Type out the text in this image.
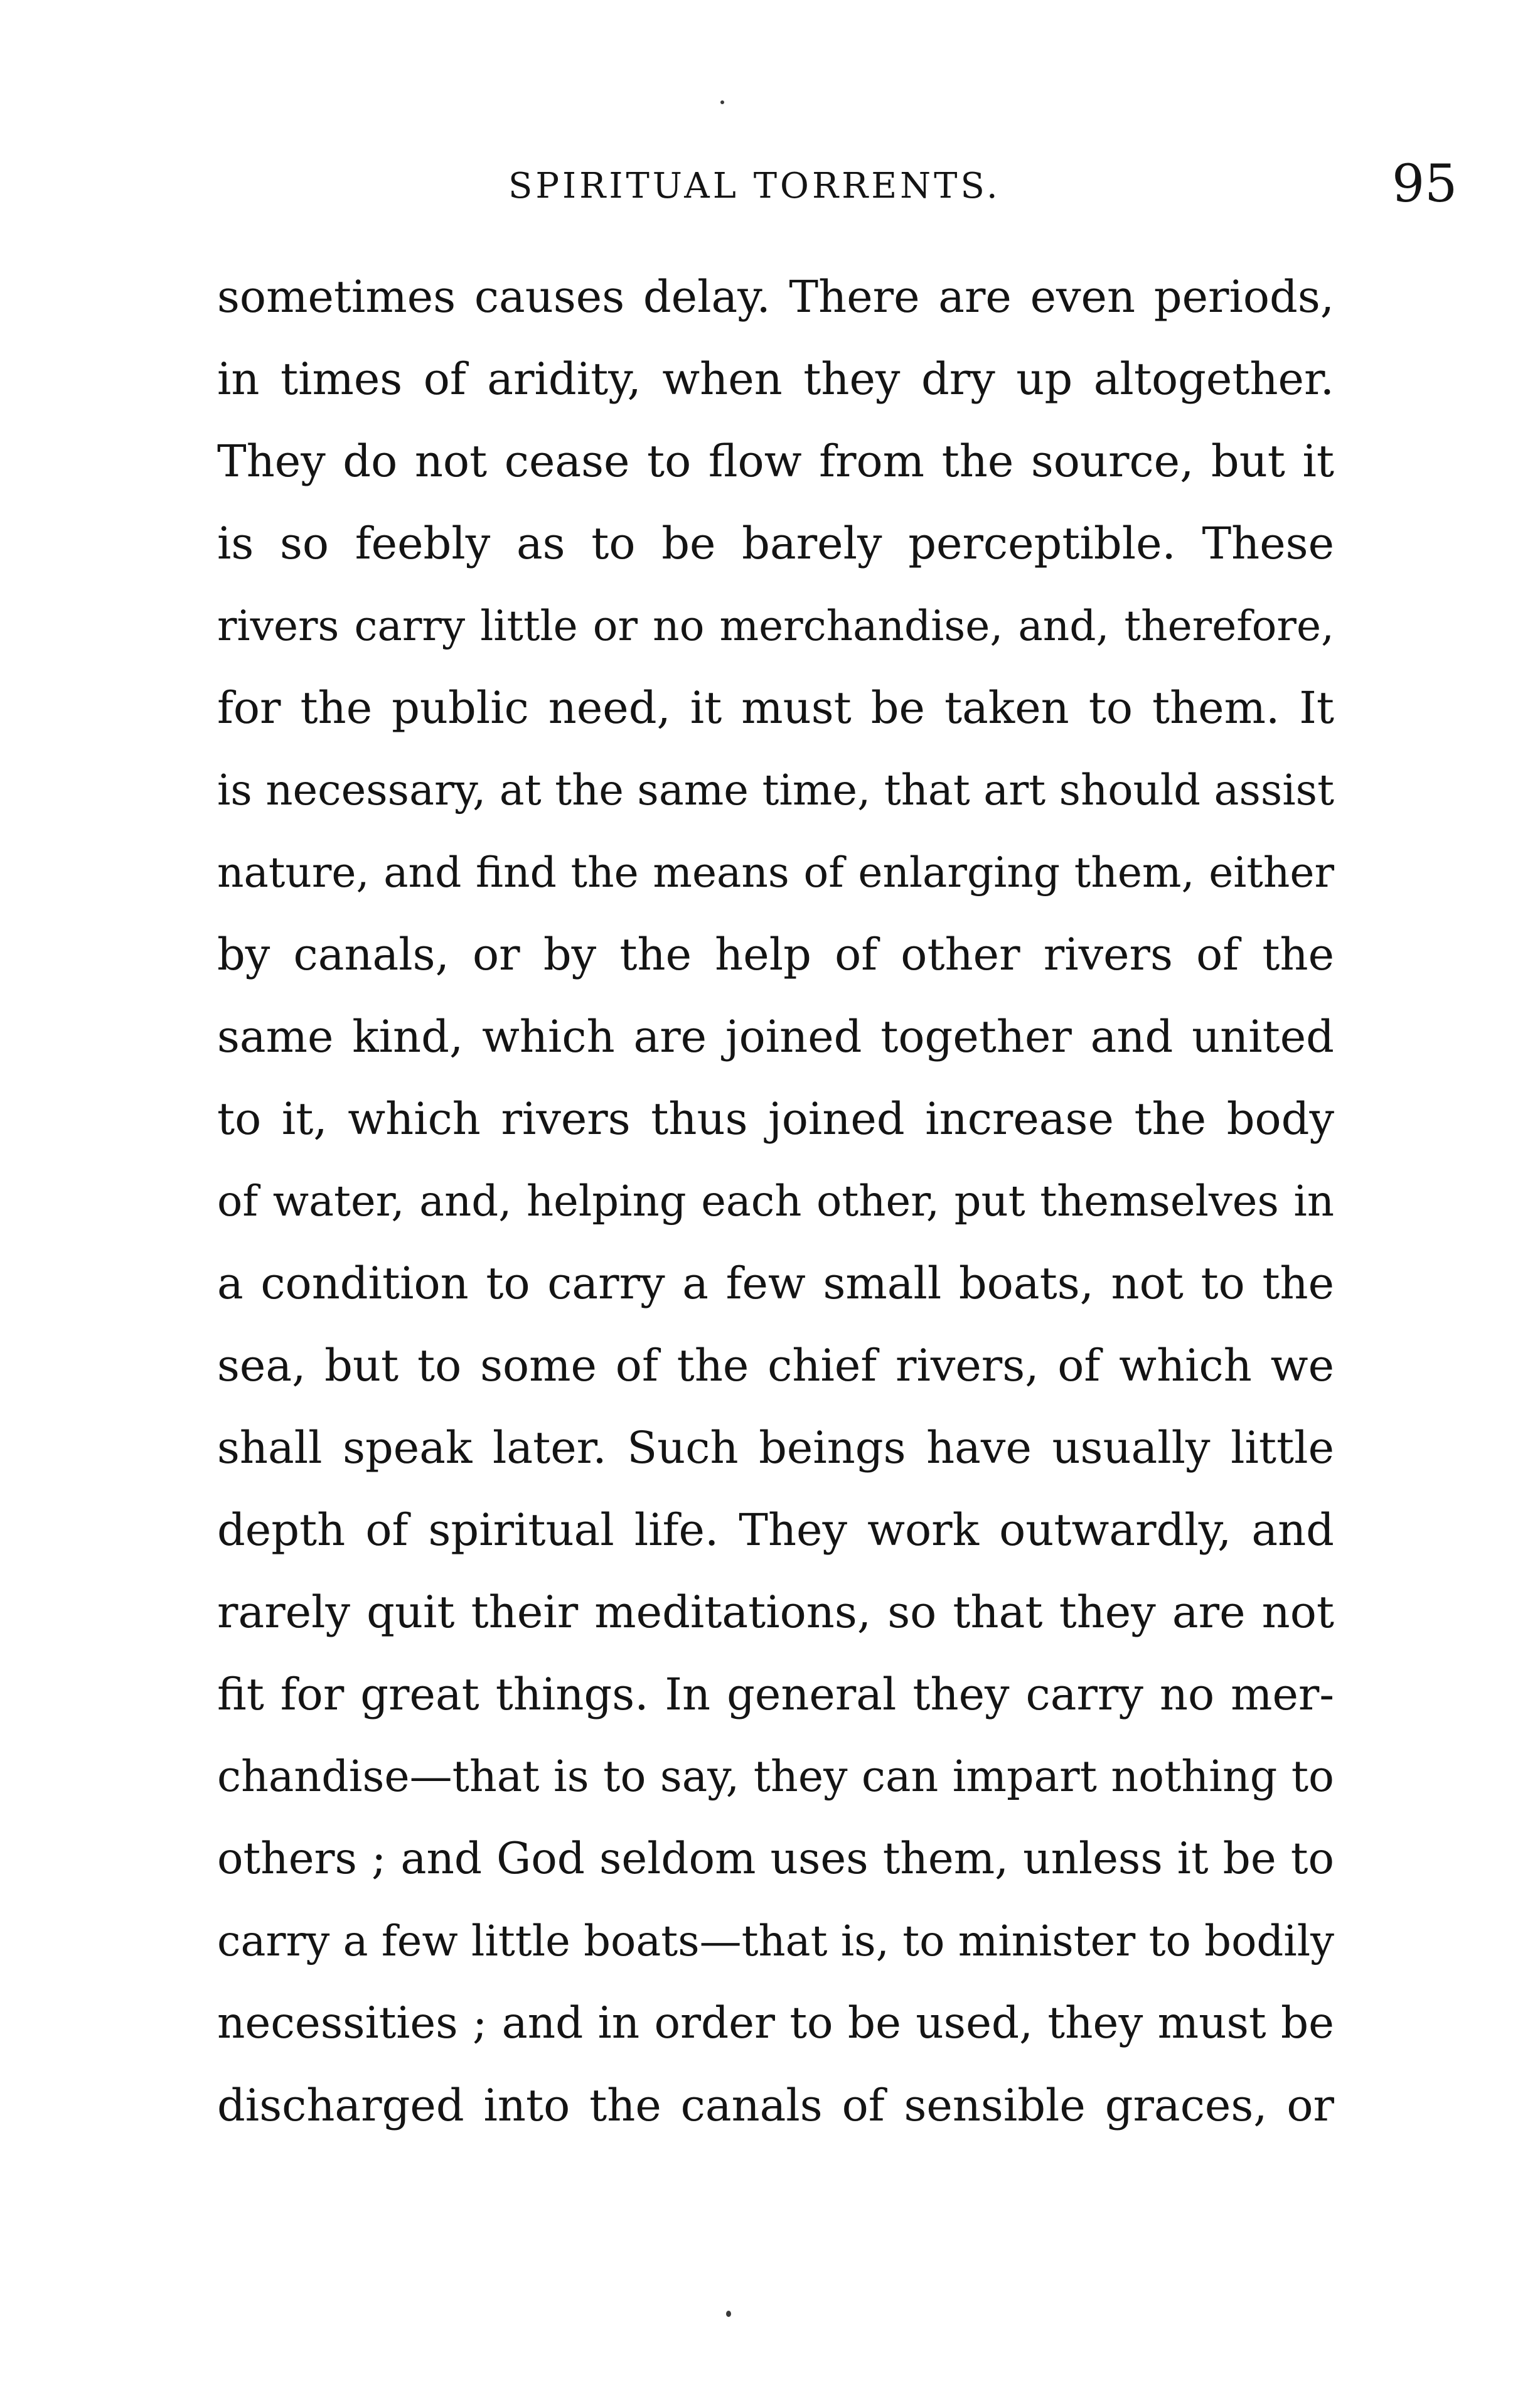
SPIRITUAL TORRENTS.	95
sometimes causes delay. There are even periods,
in times of aridity, when they dry up altogether.
They do not cease to flow from the source, but it
is so feebly as to be barely perceptible. These
rivers carry little or no merchandise, and, therefore,
for the public need, it must be taken to them. It
is necessary, at the same time, that art should assist
nature, and find the means of enlarging them, either
by canals, or by the help of other rivers of the
same kind, which are joined together and united
to it, which rivers thus joined increase the body
of water, and, helping each other, put themselves in
a condition to carry a few small boats, not to the
sea, but to some of the chief rivers, of which we
shall speak later. Such beings have usually little
depth of spiritual life. They work outwardly, and
rarely quit their meditations, so that they are not
fit for great things. In general they carry no mer-
chandise—that is to say, they can impart nothing to
others ; and God seldom uses them, unless it be to
carry a few little boats—that is, to minister to bodily
necessities ; and in order to be used, they must be
discharged into the canals of sensible graces, or
